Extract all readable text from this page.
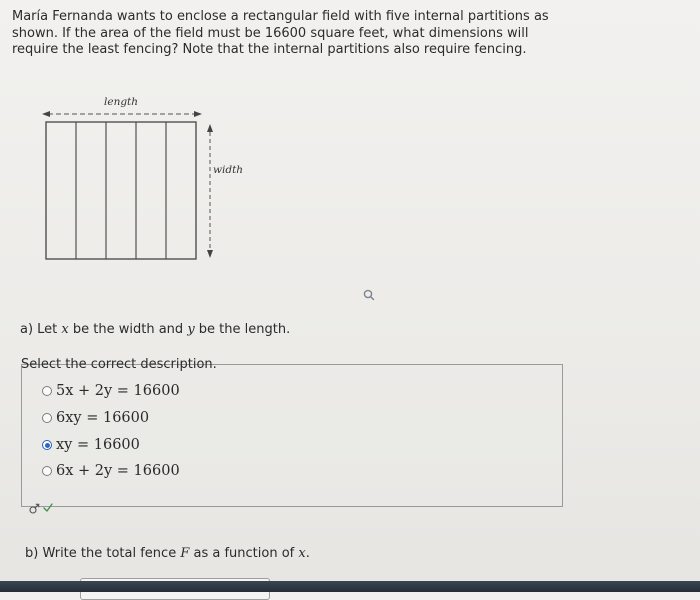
María Fernanda wants to enclose a rectangular field with five internal partitions as shown. If the area of the field must be 16600 square feet, what dimensions will require the least fencing? Note that the internal partitions also require fencing.
length
width
a) Let x be the width and y be the length.
Select the correct description.
5x + 2y = 16600
6xy = 16600
xy = 16600
6x + 2y = 16600
b) Write the total fence F as a function of x.
